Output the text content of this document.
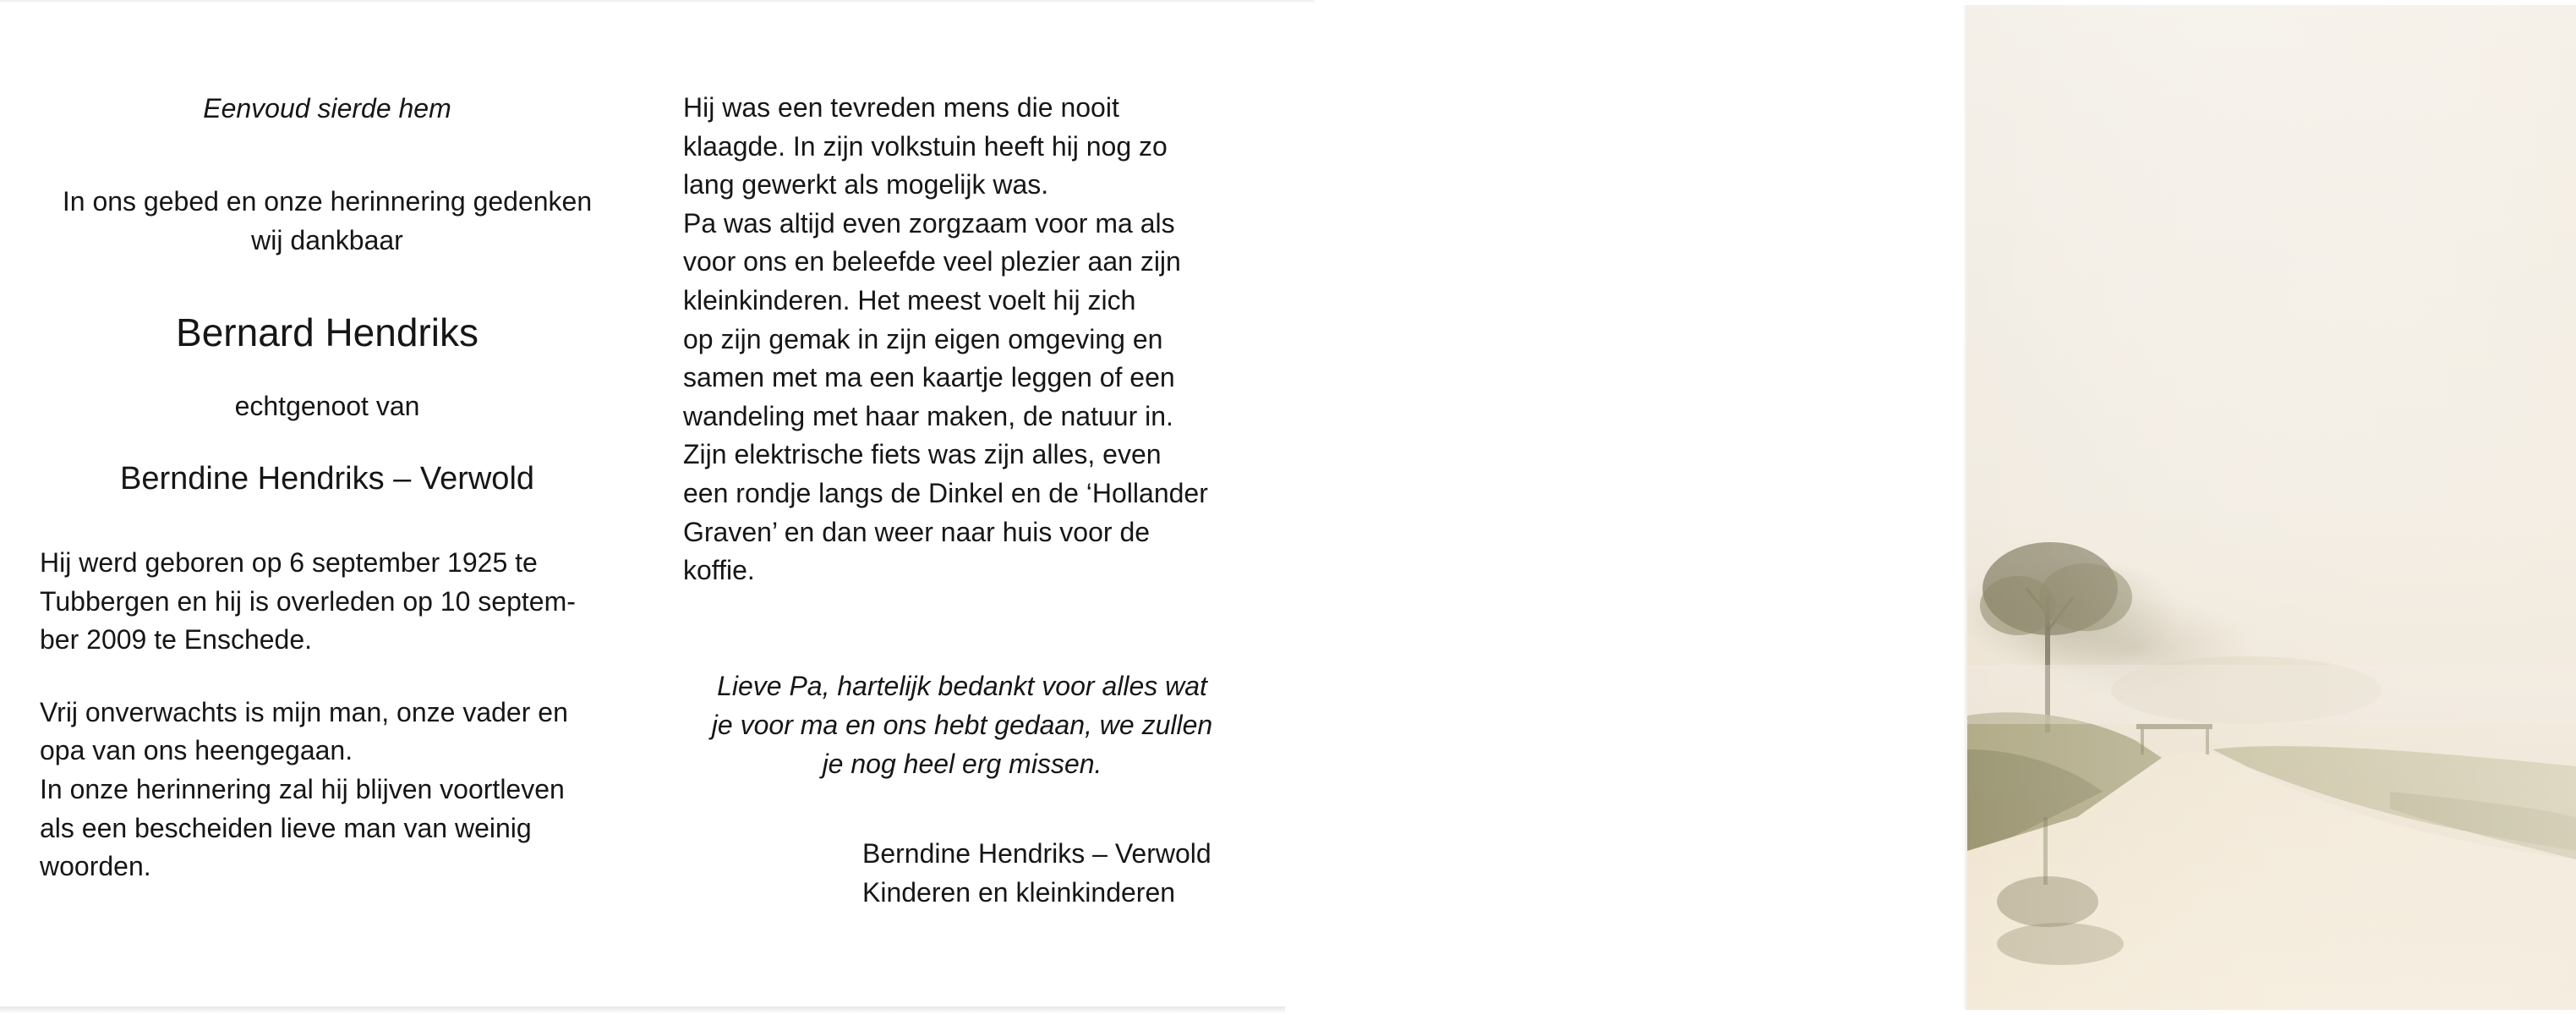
Eenvoud sierde hem

In ons gebed en onze herinnering gedenken
wij dankbaar

Bernard Hendriks

echtgenoot van

Berndine Hendriks – Verwold

Hij werd geboren op 6 september 1925 te
Tubbergen en hij is overleden op 10 septem-
ber 2009 te Enschede.
Vrij onverwachts is mijn man, onze vader en
opa van ons heengegaan.
In onze herinnering zal hij blijven voortleven
als een bescheiden lieve man van weinig
woorden.
Hij was een tevreden mens die nooit
klaagde. In zijn volkstuin heeft hij nog zo
lang gewerkt als mogelijk was.
Pa was altijd even zorgzaam voor ma als
voor ons en beleefde veel plezier aan zijn
kleinkinderen. Het meest voelt hij zich
op zijn gemak in zijn eigen omgeving en
samen met ma een kaartje leggen of een
wandeling met haar maken, de natuur in.
Zijn elektrische fiets was zijn alles, even
een rondje langs de Dinkel en de ‘Hollander
Graven’ en dan weer naar huis voor de
koffie.

Lieve Pa, hartelijk bedankt voor alles wat
je voor ma en ons hebt gedaan, we zullen
je nog heel erg missen.

Berndine Hendriks – Verwold
Kinderen en kleinkinderen
